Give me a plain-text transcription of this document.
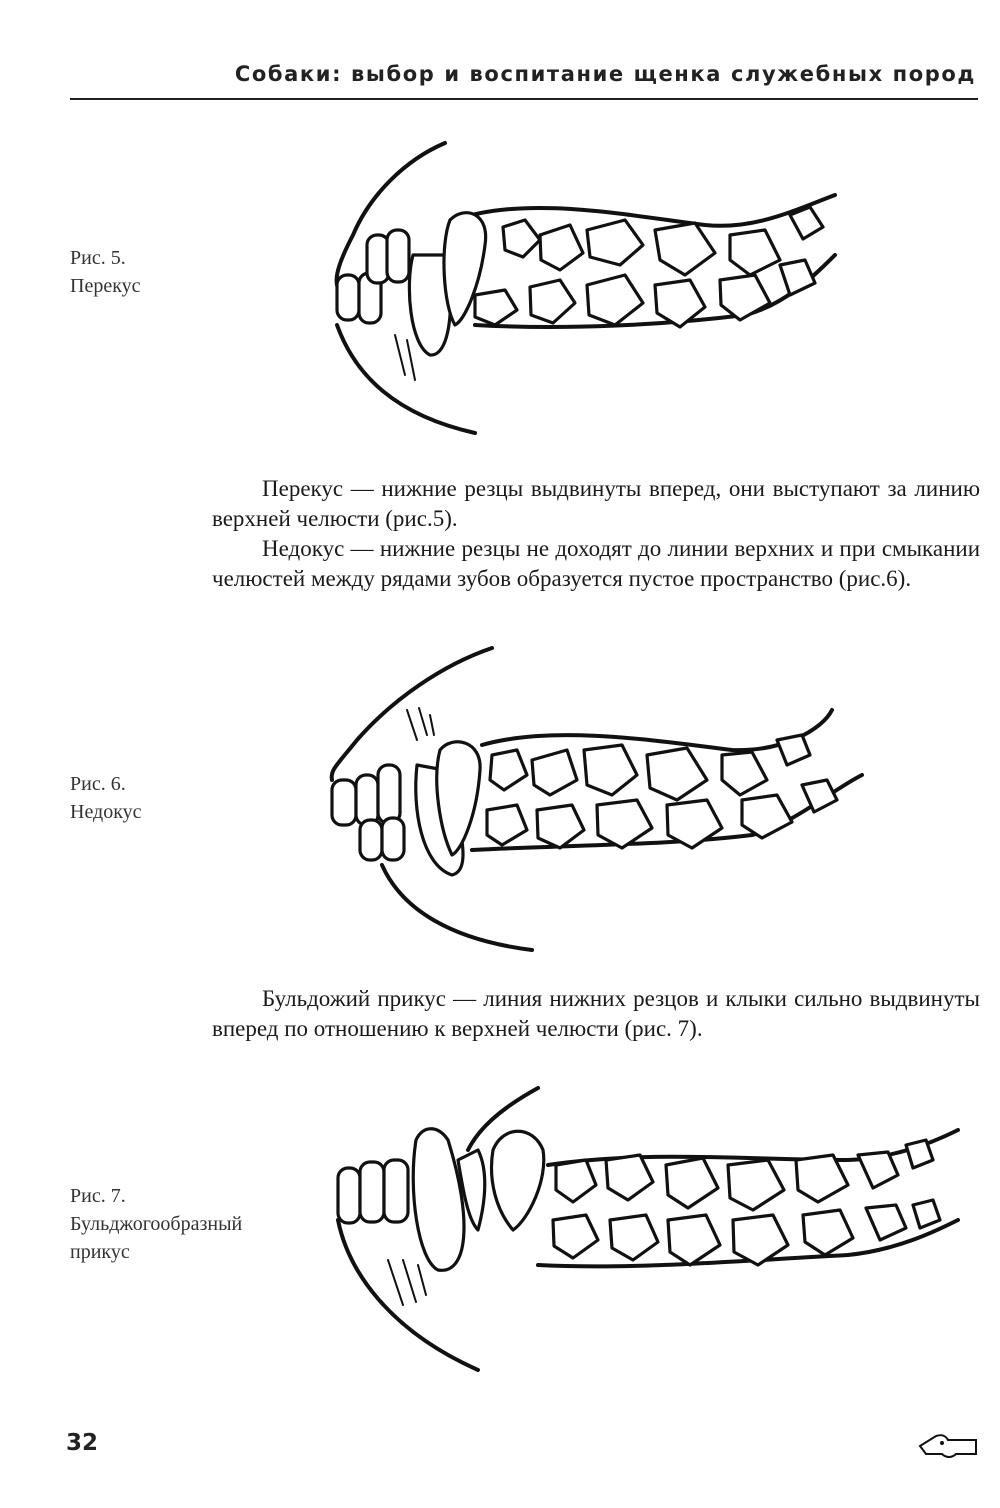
Собаки: выбор и воспитание щенка служебных пород

Рис. 5.
Перекус

Перекус — нижние резцы выдвинуты вперед, они выступают за линию верхней челюсти (рис.5).

Недокус — нижние резцы не доходят до линии верхних и при смыкании челюстей между рядами зубов образуется пустое пространство (рис.6).

Рис. 6.
Недокус

Бульдожий прикус — линия нижних резцов и клыки сильно выдвинуты вперед по отношению к верхней челюсти (рис. 7).

Рис. 7.
Бульджогообразный
прикус

32
